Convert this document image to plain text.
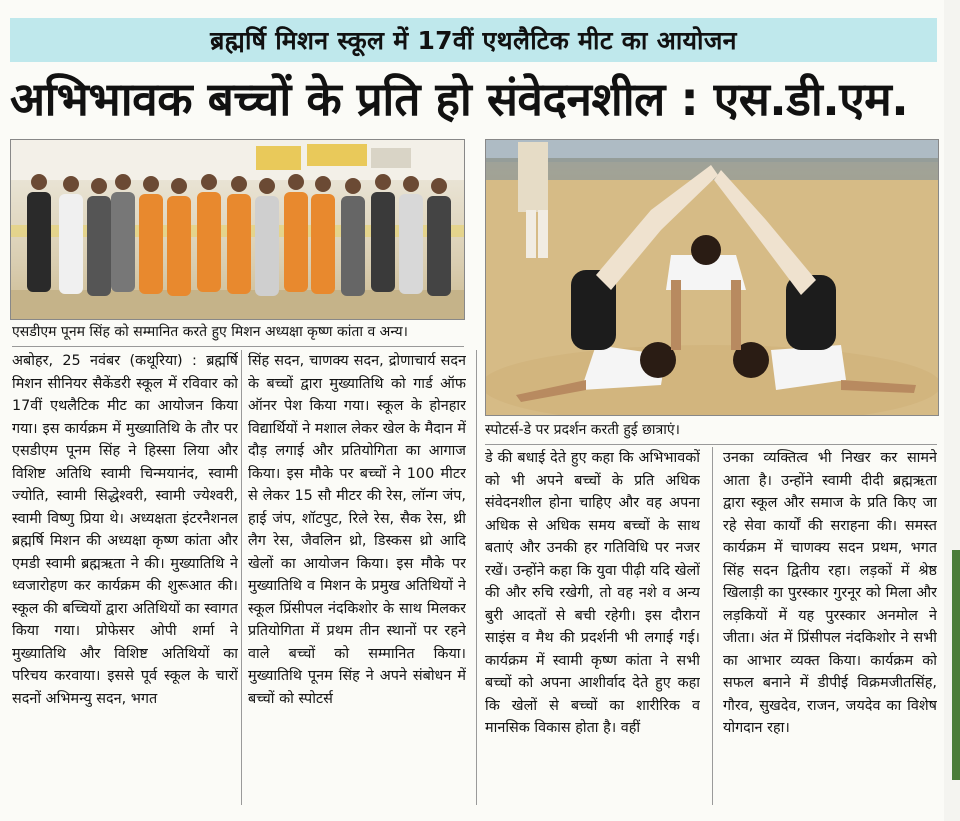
ब्रह्मर्षि मिशन स्कूल में 17वीं एथलैटिक मीट का आयोजन
अभिभावक बच्चों के प्रति हो संवेदनशील : एस.डी.एम.
एसडीएम पूनम सिंह को सम्मानित करते हुए मिशन अध्यक्षा कृष्ण कांता व अन्य।
स्पोटर्स-डे पर प्रदर्शन करती हुई छात्राएं।
अबोहर, 25 नवंबर (कथूरिया) : ब्रह्मर्षि मिशन सीनियर सैकेंडरी स्कूल में रविवार को 17वीं एथलैटिक मीट का आयोजन किया गया। इस कार्यक्रम में मुख्यातिथि के तौर पर एसडीएम पूनम सिंह ने हिस्सा लिया और विशिष्ट अतिथि स्वामी चिन्मयानंद, स्वामी ज्योति, स्वामी सिद्धेश्वरी, स्वामी ज्येश्वरी, स्वामी विष्णु प्रिया थे। अध्यक्षता इंटरनैशनल ब्रह्मर्षि मिशन की अध्यक्षा कृष्ण कांता और एमडी स्वामी ब्रह्मऋता ने की। मुख्यातिथि ने ध्वजारोहण कर कार्यक्रम की शुरूआत की। स्कूल की बच्चियों द्वारा अतिथियों का स्वागत किया गया। प्रोफेसर ओपी शर्मा ने मुख्यातिथि और विशिष्ट अतिथियों का परिचय करवाया। इससे पूर्व स्कूल के चारों सदनों अभिमन्यु सदन, भगत
सिंह सदन, चाणक्य सदन, द्रोणाचार्य सदन के बच्चों द्वारा मुख्यातिथि को गार्ड ऑफ ऑनर पेश किया गया। स्कूल के होनहार विद्यार्थियों ने मशाल लेकर खेल के मैदान में दौड़ लगाई और प्रतियोगिता का आगाज किया। इस मौके पर बच्चों ने 100 मीटर से लेकर 15 सौ मीटर की रेस, लॉन्ग जंप, हाई जंप, शॉटपुट, रिले रेस, सैक रेस, थ्री लैग रेस, जैवलिन थ्रो, डिस्कस थ्रो आदि खेलों का आयोजन किया। इस मौके पर मुख्यातिथि व मिशन के प्रमुख अतिथियों ने स्कूल प्रिंसीपल नंदकिशोर के साथ मिलकर प्रतियोगिता में प्रथम तीन स्थानों पर रहने वाले बच्चों को सम्मानित किया। मुख्यातिथि पूनम सिंह ने अपने संबोधन में बच्चों को स्पोटर्स
डे की बधाई देते हुए कहा कि अभिभावकों को भी अपने बच्चों के प्रति अधिक संवेदनशील होना चाहिए और वह अपना अधिक से अधिक समय बच्चों के साथ बताएं और उनकी हर गतिविधि पर नजर रखें। उन्होंने कहा कि युवा पीढ़ी यदि खेलों की और रुचि रखेगी, तो वह नशे व अन्य बुरी आदतों से बची रहेगी। इस दौरान साइंस व मैथ की प्रदर्शनी भी लगाई गई। कार्यक्रम में स्वामी कृष्ण कांता ने सभी बच्चों को अपना आशीर्वाद देते हुए कहा कि खेलों से बच्चों का शारीरिक व मानसिक विकास होता है। वहीं
उनका व्यक्तित्व भी निखर कर सामने आता है। उन्होंने स्वामी दीदी ब्रह्मऋता द्वारा स्कूल और समाज के प्रति किए जा रहे सेवा कार्यों की सराहना की। समस्त कार्यक्रम में चाणक्य सदन प्रथम, भगत सिंह सदन द्वितीय रहा। लड़कों में श्रेष्ठ खिलाड़ी का पुरस्कार गुरनूर को मिला और लड़कियों में यह पुरस्कार अनमोल ने जीता। अंत में प्रिंसीपल नंदकिशोर ने सभी का आभार व्यक्त किया। कार्यक्रम को सफल बनाने में डीपीई विक्रमजीतसिंह, गौरव, सुखदेव, राजन, जयदेव का विशेष योगदान रहा।
